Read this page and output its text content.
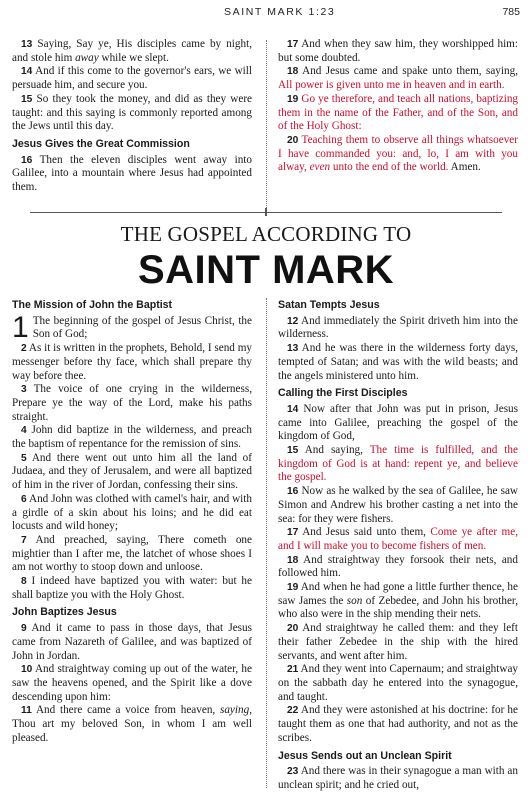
SAINT MARK 1:23	785

13 Saying, Say ye, His disciples came by night, and stole him away while we slept.

14 And if this come to the governor's ears, we will persuade him, and secure you.

15 So they took the money, and did as they were taught: and this saying is commonly reported among the Jews until this day.

Jesus Gives the Great Commission

16 Then the eleven disciples went away into Galilee, into a mountain where Jesus had appointed them.

17 And when they saw him, they worshipped him: but some doubted.

18 And Jesus came and spake unto them, saying, All power is given unto me in heaven and in earth.

19 Go ye therefore, and teach all nations, baptizing them in the name of the Father, and of the Son, and of the Holy Ghost:

20 Teaching them to observe all things whatsoever I have commanded you: and, lo, I am with you alway, even unto the end of the world. Amen.

THE GOSPEL ACCORDING TO
SAINT MARK
The Mission of John the Baptist

1 The beginning of the gospel of Jesus Christ, the Son of God;

2 As it is written in the prophets, Behold, I send my messenger before thy face, which shall prepare thy way before thee.

3 The voice of one crying in the wilderness, Prepare ye the way of the Lord, make his paths straight.

4 John did baptize in the wilderness, and preach the baptism of repentance for the remission of sins.

5 And there went out unto him all the land of Judaea, and they of Jerusalem, and were all baptized of him in the river of Jordan, confessing their sins.

6 And John was clothed with camel's hair, and with a girdle of a skin about his loins; and he did eat locusts and wild honey;

7 And preached, saying, There cometh one mightier than I after me, the latchet of whose shoes I am not worthy to stoop down and unloose.

8 I indeed have baptized you with water: but he shall baptize you with the Holy Ghost.

John Baptizes Jesus

9 And it came to pass in those days, that Jesus came from Nazareth of Galilee, and was baptized of John in Jordan.

10 And straightway coming up out of the water, he saw the heavens opened, and the Spirit like a dove descending upon him:

11 And there came a voice from heaven, saying, Thou art my beloved Son, in whom I am well pleased.

Satan Tempts Jesus

12 And immediately the Spirit driveth him into the wilderness.

13 And he was there in the wilderness forty days, tempted of Satan; and was with the wild beasts; and the angels ministered unto him.

Calling the First Disciples

14 Now after that John was put in prison, Jesus came into Galilee, preaching the gospel of the kingdom of God,

15 And saying, The time is fulfilled, and the kingdom of God is at hand: repent ye, and believe the gospel.

16 Now as he walked by the sea of Galilee, he saw Simon and Andrew his brother casting a net into the sea: for they were fishers.

17 And Jesus said unto them, Come ye after me, and I will make you to become fishers of men.

18 And straightway they forsook their nets, and followed him.

19 And when he had gone a little further thence, he saw James the son of Zebedee, and John his brother, who also were in the ship mending their nets.

20 And straightway he called them: and they left their father Zebedee in the ship with the hired servants, and went after him.

21 And they went into Capernaum; and straightway on the sabbath day he entered into the synagogue, and taught.

22 And they were astonished at his doctrine: for he taught them as one that had authority, and not as the scribes.

Jesus Sends out an Unclean Spirit

23 And there was in their synagogue a man with an unclean spirit; and he cried out,
